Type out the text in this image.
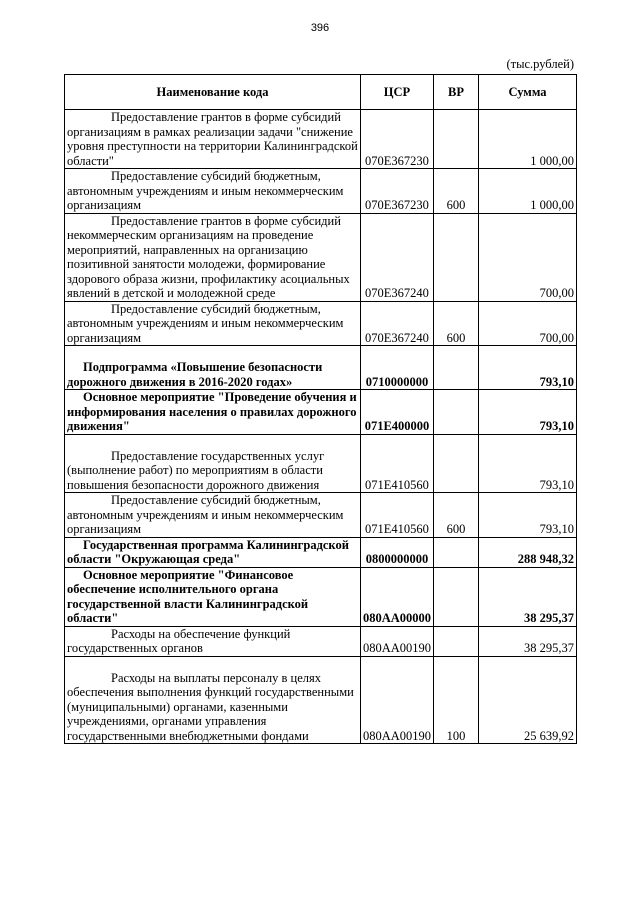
396
(тыс.рублей)
Наименование кода	ЦСР	ВР	Сумма
Предоставление грантов в форме субсидий организациям в рамках реализации задачи "снижение уровня преступности на территории Калининградской области"	070E367230		1 000,00
Предоставление субсидий бюджетным, автономным учреждениям и иным некоммерческим организациям	070E367230	600	1 000,00
Предоставление грантов в форме субсидий некоммерческим организациям на проведение мероприятий, направленных на организацию позитивной занятости молодежи, формирование здорового образа жизни, профилактику асоциальных явлений в детской и молодежной среде	070E367240		700,00
Предоставление субсидий бюджетным, автономным учреждениям и иным некоммерческим организациям	070E367240	600	700,00
Подпрограмма «Повышение безопасности дорожного движения в 2016-2020 годах»	0710000000		793,10
Основное мероприятие "Проведение обучения и информирования населения о правилах дорожного движения"	071E400000		793,10
Предоставление государственных услуг (выполнение работ) по мероприятиям в области повышения безопасности дорожного движения	071E410560		793,10
Предоставление субсидий бюджетным, автономным учреждениям и иным некоммерческим организациям	071E410560	600	793,10
Государственная программа Калининградской области "Окружающая среда"	0800000000		288 948,32
Основное мероприятие "Финансовое обеспечение исполнительного органа государственной власти Калининградской области"	080АА00000		38 295,37
Расходы на обеспечение функций государственных органов	080АА00190		38 295,37
Расходы на выплаты персоналу в целях обеспечения выполнения функций государственными (муниципальными) органами, казенными учреждениями, органами управления государственными внебюджетными фондами	080АА00190	100	25 639,92
